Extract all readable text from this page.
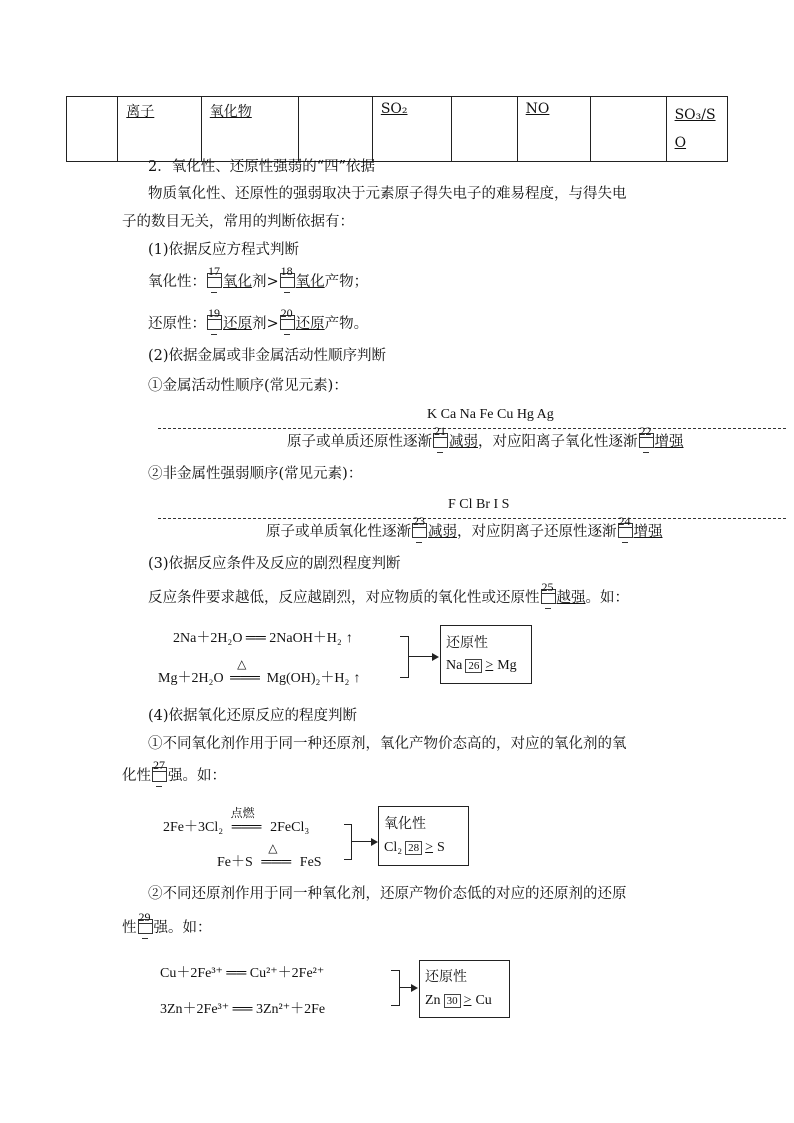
	离子	氧化物		SO₂		NO		SO₃/SO
2．氧化性、还原性强弱的“四”依据
物质氧化性、还原性的强弱取决于元素原子得失电子的难易程度，与得失电
子的数目无关，常用的判断依据有：
(1)依据反应方程式判断
氧化性：
17
氧化剂>
18
氧化产物；
还原性：
19
还原剂>
20
还原产物。
(2)依据金属或非金属活动性顺序判断
①金属活动性顺序(常见元素)：
K Ca Na Fe Cu Hg Ag
原子或单质还原性逐渐
21
减弱，对应阳离子氧化性逐渐
22
增强
②非金属性强弱顺序(常见元素)：
F Cl Br I S
原子或单质氧化性逐渐
23
减弱，对应阴离子还原性逐渐
24
增强
(3)依据反应条件及反应的剧烈程度判断
反应条件要求越低，反应越剧烈，对应物质的氧化性或还原性
25
越强。如：
2Na＋2H₂O ══ 2NaOH＋H₂ ↑
Mg＋2H₂O
△
═══ Mg(OH)₂＋H₂ ↑
还原性
Na 26 > Mg
(4)依据氧化还原反应的程度判断
①不同氧化剂作用于同一种还原剂，氧化产物价态高的，对应的氧化剂的氧
化性
27
强。如：
2Fe＋3Cl₂
点燃
═══ 2FeCl₃
Fe＋S
△
═══ FeS
氧化性
Cl₂ 28 > S
②不同还原剂作用于同一种氧化剂，还原产物价态低的对应的还原剂的还原
性
29
强。如：
Cu＋2Fe³⁺ ══ Cu²⁺＋2Fe²⁺
3Zn＋2Fe³⁺ ══ 3Zn²⁺＋2Fe
还原性
Zn 30 > Cu
